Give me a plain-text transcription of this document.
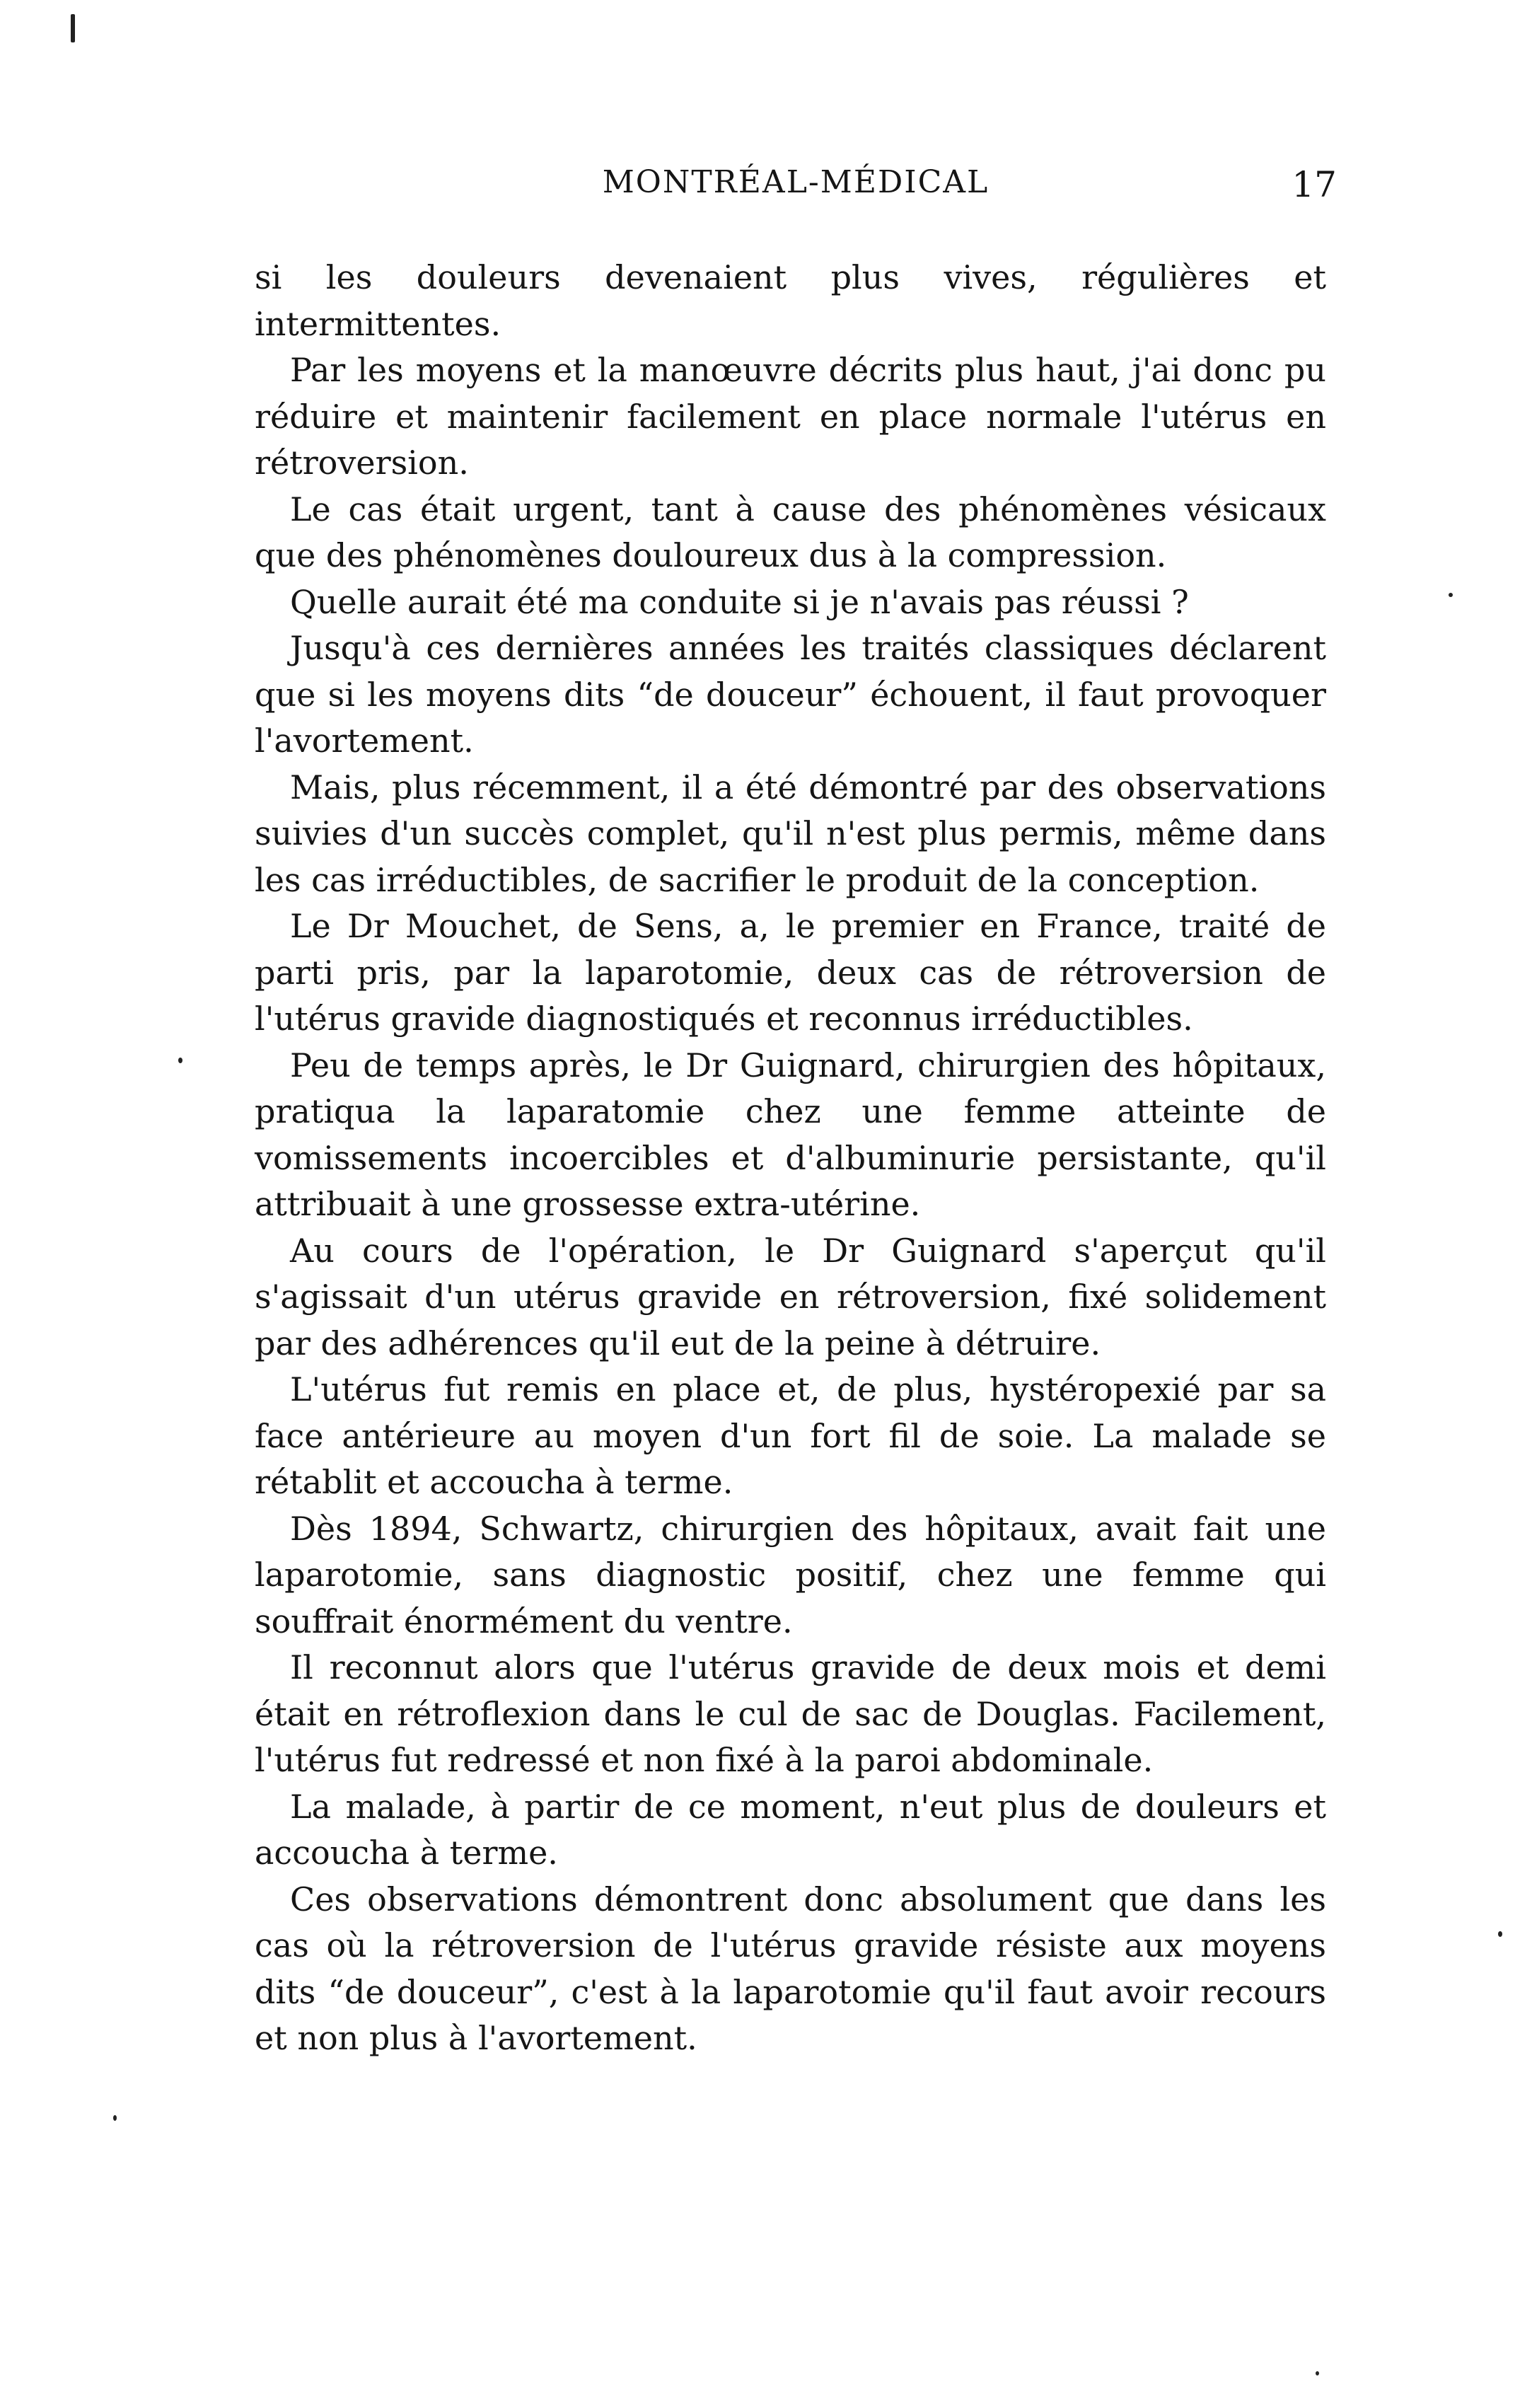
MONTRÉAL-MÉDICAL	17

si les douleurs devenaient plus vives, régulières et intermittentes.

Par les moyens et la manœuvre décrits plus haut, j'ai donc pu réduire et maintenir facilement en place normale l'utérus en rétroversion.

Le cas était urgent, tant à cause des phénomènes vésicaux que des phénomènes douloureux dus à la compression.

Quelle aurait été ma conduite si je n'avais pas réussi ?

Jusqu'à ces dernières années les traités classiques déclarent que si les moyens dits “de douceur” échouent, il faut provoquer l'avortement.

Mais, plus récemment, il a été démontré par des observations suivies d'un succès complet, qu'il n'est plus permis, même dans les cas irréductibles, de sacrifier le produit de la conception.

Le Dr Mouchet, de Sens, a, le premier en France, traité de parti pris, par la laparotomie, deux cas de rétroversion de l'utérus gravide diagnostiqués et reconnus irréductibles.

Peu de temps après, le Dr Guignard, chirurgien des hôpitaux, pratiqua la laparatomie chez une femme atteinte de vomissements incoercibles et d'albuminurie persistante, qu'il attribuait à une grossesse extra-utérine.

Au cours de l'opération, le Dr Guignard s'aperçut qu'il s'agissait d'un utérus gravide en rétroversion, fixé solidement par des adhérences qu'il eut de la peine à détruire.

L'utérus fut remis en place et, de plus, hystéropexié par sa face antérieure au moyen d'un fort fil de soie. La malade se rétablit et accoucha à terme.

Dès 1894, Schwartz, chirurgien des hôpitaux, avait fait une laparotomie, sans diagnostic positif, chez une femme qui souffrait énormément du ventre.

Il reconnut alors que l'utérus gravide de deux mois et demi était en rétroflexion dans le cul de sac de Douglas. Facilement, l'utérus fut redressé et non fixé à la paroi abdominale.

La malade, à partir de ce moment, n'eut plus de douleurs et accoucha à terme.

Ces observations démontrent donc absolument que dans les cas où la rétroversion de l'utérus gravide résiste aux moyens dits “de douceur”, c'est à la laparotomie qu'il faut avoir recours et non plus à l'avortement.
